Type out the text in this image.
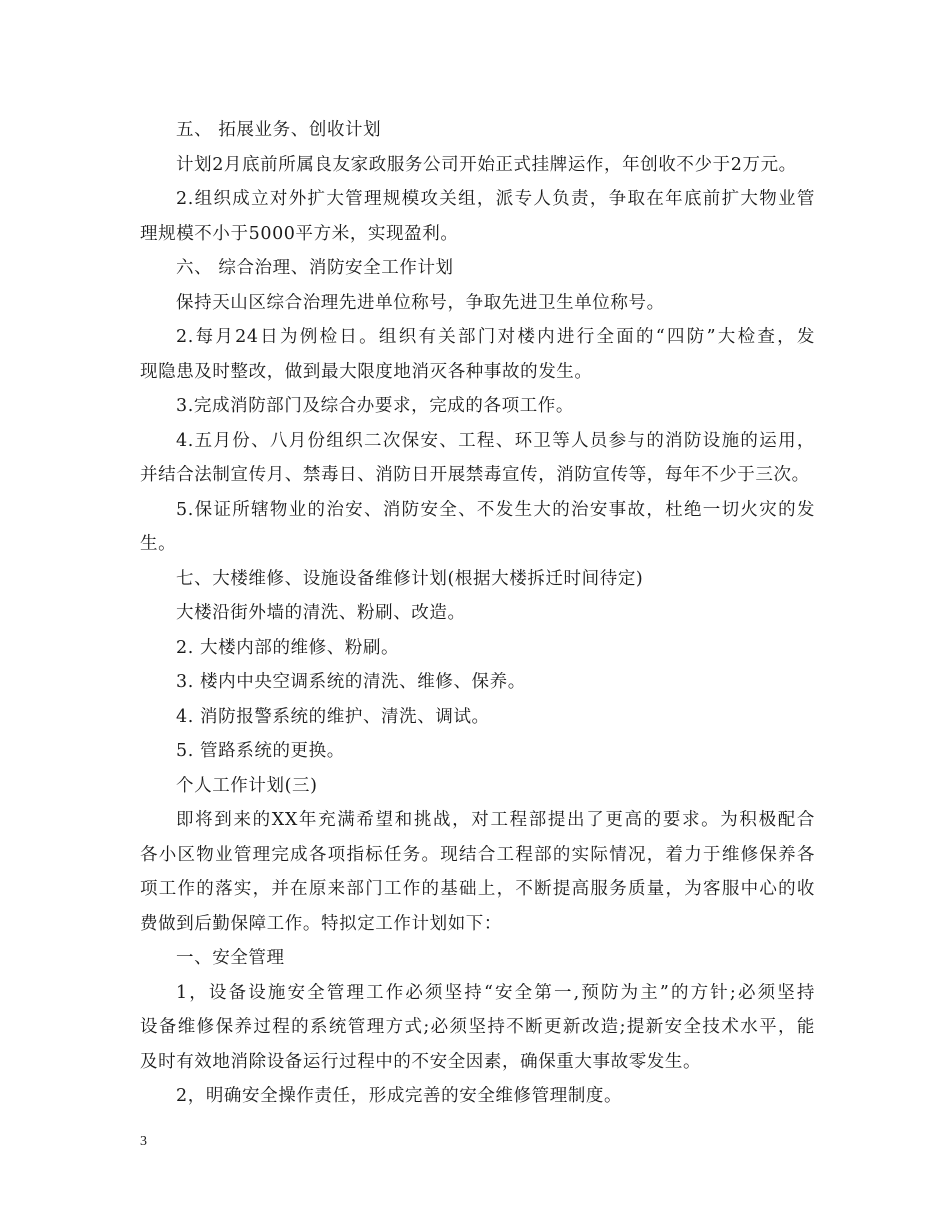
五、 拓展业务、创收计划
计划2月底前所属良友家政服务公司开始正式挂牌运作，年创收不少于2万元。
2.组织成立对外扩大管理规模攻关组，派专人负责，争取在年底前扩大物业管
理规模不小于5000平方米，实现盈利。
六、 综合治理、消防安全工作计划
保持天山区综合治理先进单位称号，争取先进卫生单位称号。
2.每月24日为例检日。组织有关部门对楼内进行全面的“四防”大检查，发
现隐患及时整改，做到最大限度地消灭各种事故的发生。
3.完成消防部门及综合办要求，完成的各项工作。
4.五月份、八月份组织二次保安、工程、环卫等人员参与的消防设施的运用，
并结合法制宣传月、禁毒日、消防日开展禁毒宣传，消防宣传等，每年不少于三次。
5.保证所辖物业的治安、消防安全、不发生大的治安事故，杜绝一切火灾的发
生。
七、大楼维修、设施设备维修计划(根据大楼拆迁时间待定)
大楼沿街外墙的清洗、粉刷、改造。
2. 大楼内部的维修、粉刷。
3. 楼内中央空调系统的清洗、维修、保养。
4. 消防报警系统的维护、清洗、调试。
5. 管路系统的更换。
个人工作计划(三)
即将到来的XX年充满希望和挑战，对工程部提出了更高的要求。为积极配合
各小区物业管理完成各项指标任务。现结合工程部的实际情况，着力于维修保养各
项工作的落实，并在原来部门工作的基础上，不断提高服务质量，为客服中心的收
费做到后勤保障工作。特拟定工作计划如下：
一、安全管理
1，设备设施安全管理工作必须坚持“安全第一,预防为主”的方针;必须坚持
设备维修保养过程的系统管理方式;必须坚持不断更新改造;提新安全技术水平，能
及时有效地消除设备运行过程中的不安全因素，确保重大事故零发生。
2，明确安全操作责任，形成完善的安全维修管理制度。
3
